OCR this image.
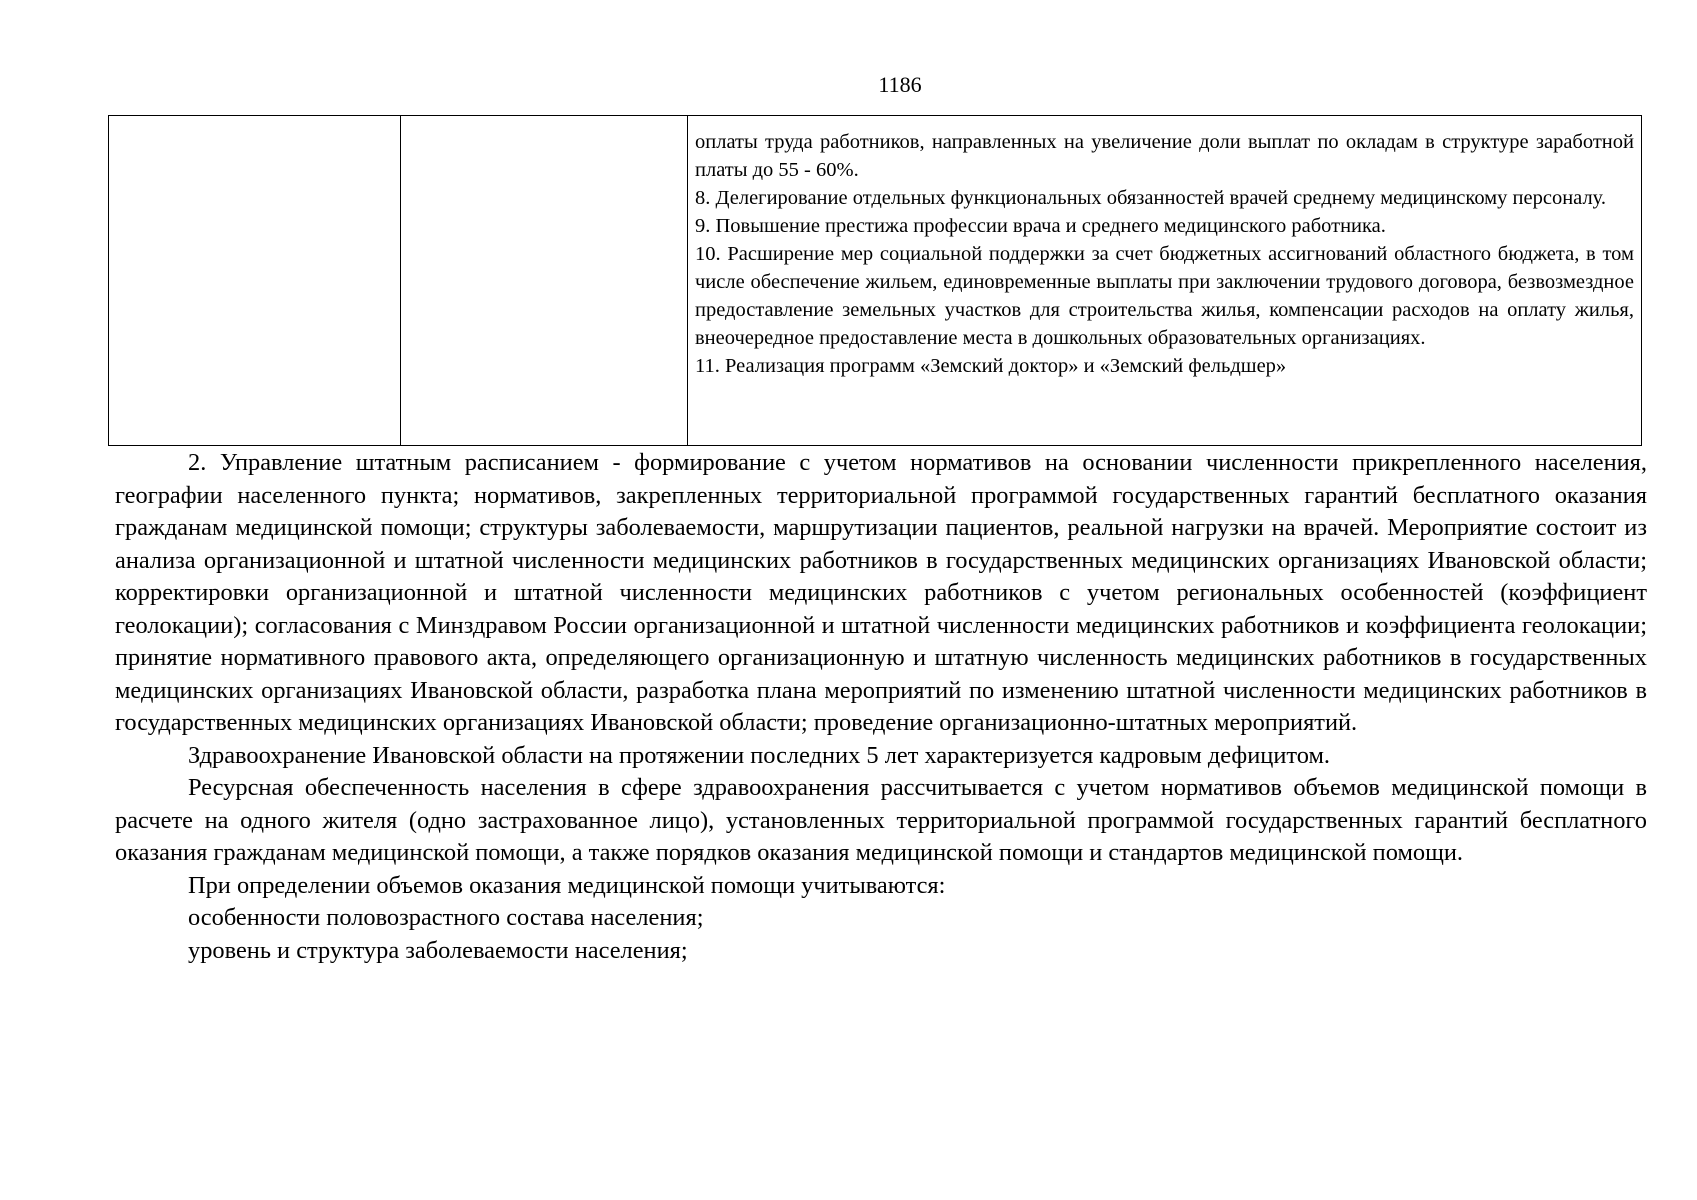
1186

оплаты труда работников, направленных на увеличение доли выплат по окладам в структуре заработной платы до 55 - 60%.

8. Делегирование отдельных функциональных обязанностей врачей среднему медицинскому персоналу.

9. Повышение престижа профессии врача и среднего медицинского работника.

10. Расширение мер социальной поддержки за счет бюджетных ассигнований областного бюджета, в том числе обеспечение жильем, единовременные выплаты при заключении трудового договора, безвозмездное предоставление земельных участков для строительства жилья, компенсации расходов на оплату жилья, внеочередное предоставление места в дошкольных образовательных организациях.

11. Реализация программ «Земский доктор» и «Земский фельдшер»

2. Управление штатным расписанием - формирование с учетом нормативов на основании численности прикрепленного населения, географии населенного пункта; нормативов, закрепленных территориальной программой государственных гарантий бесплатного оказания гражданам медицинской помощи; структуры заболеваемости, маршрутизации пациентов, реальной нагрузки на врачей. Мероприятие состоит из анализа организационной и штатной численности медицинских работников в государственных медицинских организациях Ивановской области; корректировки организационной и штатной численности медицинских работников с учетом региональных особенностей (коэффициент геолокации); согласования с Минздравом России организационной и штатной численности медицинских работников и коэффициента геолокации; принятие нормативного правового акта, определяющего организационную и штатную численность медицинских работников в государственных медицинских организациях Ивановской области, разработка плана мероприятий по изменению штатной численности медицинских работников в государственных медицинских организациях Ивановской области; проведение организационно-штатных мероприятий.

Здравоохранение Ивановской области на протяжении последних 5 лет характеризуется кадровым дефицитом.

Ресурсная обеспеченность населения в сфере здравоохранения рассчитывается с учетом нормативов объемов медицинской помощи в расчете на одного жителя (одно застрахованное лицо), установленных территориальной программой государственных гарантий бесплатного оказания гражданам медицинской помощи, а также порядков оказания медицинской помощи и стандартов медицинской помощи.

При определении объемов оказания медицинской помощи учитываются:

особенности половозрастного состава населения;

уровень и структура заболеваемости населения;
